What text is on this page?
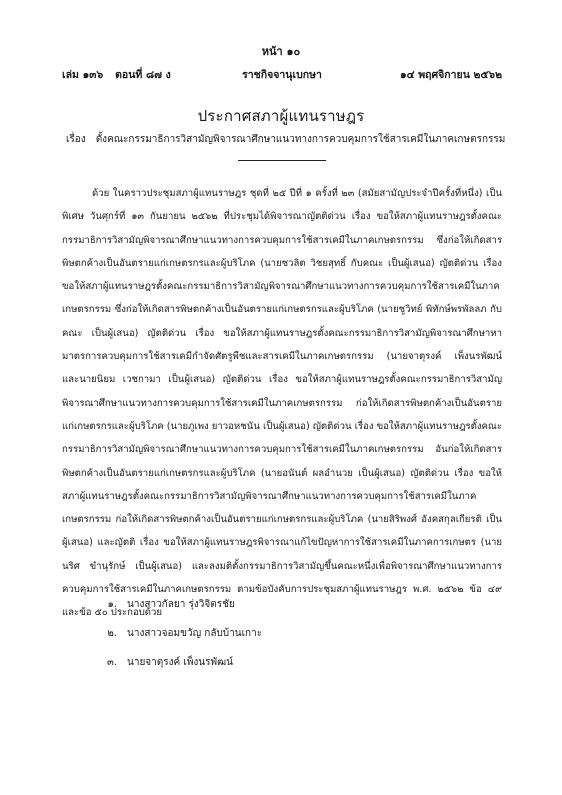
หน้า ๑๐
เล่ม ๑๓๖ ตอนที่ ๘๗ ง	ราชกิจจานุเบกษา	๑๔ พฤศจิกายน ๒๕๖๒
ประกาศสภาผู้แทนราษฎร
เรื่อง ตั้งคณะกรรมาธิการวิสามัญพิจารณาศึกษาแนวทางการควบคุมการใช้สารเคมีในภาคเกษตรกรรม

ด้วย ในคราวประชุมสภาผู้แทนราษฎร ชุดที่ ๒๕ ปีที่ ๑ ครั้งที่ ๒๓ (สมัยสามัญประจำปีครั้งที่หนึ่ง) เป็นพิเศษ วันศุกร์ที่ ๑๓ กันยายน ๒๕๖๒ ที่ประชุมได้พิจารณาญัตติด่วน เรื่อง ขอให้สภาผู้แทนราษฎรตั้งคณะกรรมาธิการวิสามัญพิจารณาศึกษาแนวทางการควบคุมการใช้สารเคมีในภาคเกษตรกรรม ซึ่งก่อให้เกิดสารพิษตกค้างเป็นอันตรายแก่เกษตรกรและผู้บริโภค (นายชวลิต วิชยสุทธิ์ กับคณะ เป็นผู้เสนอ) ญัตติด่วน เรื่อง ขอให้สภาผู้แทนราษฎรตั้งคณะกรรมาธิการวิสามัญพิจารณาศึกษาแนวทางการควบคุมการใช้สารเคมีในภาคเกษตรกรรม ซึ่งก่อให้เกิดสารพิษตกค้างเป็นอันตรายแก่เกษตรกรและผู้บริโภค (นายชูวิทย์ พิทักษ์พรพัลลภ กับคณะ เป็นผู้เสนอ) ญัตติด่วน เรื่อง ขอให้สภาผู้แทนราษฎรตั้งคณะกรรมาธิการวิสามัญพิจารณาศึกษาหามาตรการควบคุมการใช้สารเคมีกำจัดศัตรูพืชและสารเคมีในภาคเกษตรกรรม (นายจาตุรงค์ เพ็งนรพัฒน์ และนายนิยม เวชกามา เป็นผู้เสนอ) ญัตติด่วน เรื่อง ขอให้สภาผู้แทนราษฎรตั้งคณะกรรมาธิการวิสามัญพิจารณาศึกษาแนวทางการควบคุมการใช้สารเคมีในภาคเกษตรกรรม ก่อให้เกิดสารพิษตกค้างเป็นอันตรายแก่เกษตรกรและผู้บริโภค (นายภูเพง ยาวอหชนัน เป็นผู้เสนอ) ญัตติด่วน เรื่อง ขอให้สภาผู้แทนราษฎรตั้งคณะกรรมาธิการวิสามัญพิจารณาศึกษาแนวทางการควบคุมการใช้สารเคมีในภาคเกษตรกรรม อันก่อให้เกิดสารพิษตกค้างเป็นอันตรายแก่เกษตรกรและผู้บริโภค (นายอนันต์ ผลอำนวย เป็นผู้เสนอ) ญัตติด่วน เรื่อง ขอให้สภาผู้แทนราษฎรตั้งคณะกรรมาธิการวิสามัญพิจารณาศึกษาแนวทางการควบคุมการใช้สารเคมีในภาคเกษตรกรรม ก่อให้เกิดสารพิษตกค้างเป็นอันตรายแก่เกษตรกรและผู้บริโภค (นายสิริพงศ์ อังคสกุลเกียรติ เป็นผู้เสนอ) และญัตติ เรื่อง ขอให้สภาผู้แทนราษฎรพิจารณาแก้ไขปัญหาการใช้สารเคมีในภาคการเกษตร (นายนริศ ขำนุรักษ์ เป็นผู้เสนอ) และลงมติตั้งกรรมาธิการวิสามัญขึ้นคณะหนึ่งเพื่อพิจารณาศึกษาแนวทางการควบคุมการใช้สารเคมีในภาคเกษตรกรรม ตามข้อบังคับการประชุมสภาผู้แทนราษฎร พ.ศ. ๒๕๖๒ ข้อ ๔๙ และข้อ ๕๐ ประกอบด้วย

๑. นางสาวกัลยา รุ่งวิจิตรชัย
๒. นางสาวจอมขวัญ กลับบ้านเกาะ
๓. นายจาตุรงค์ เพ็งนรพัฒน์
